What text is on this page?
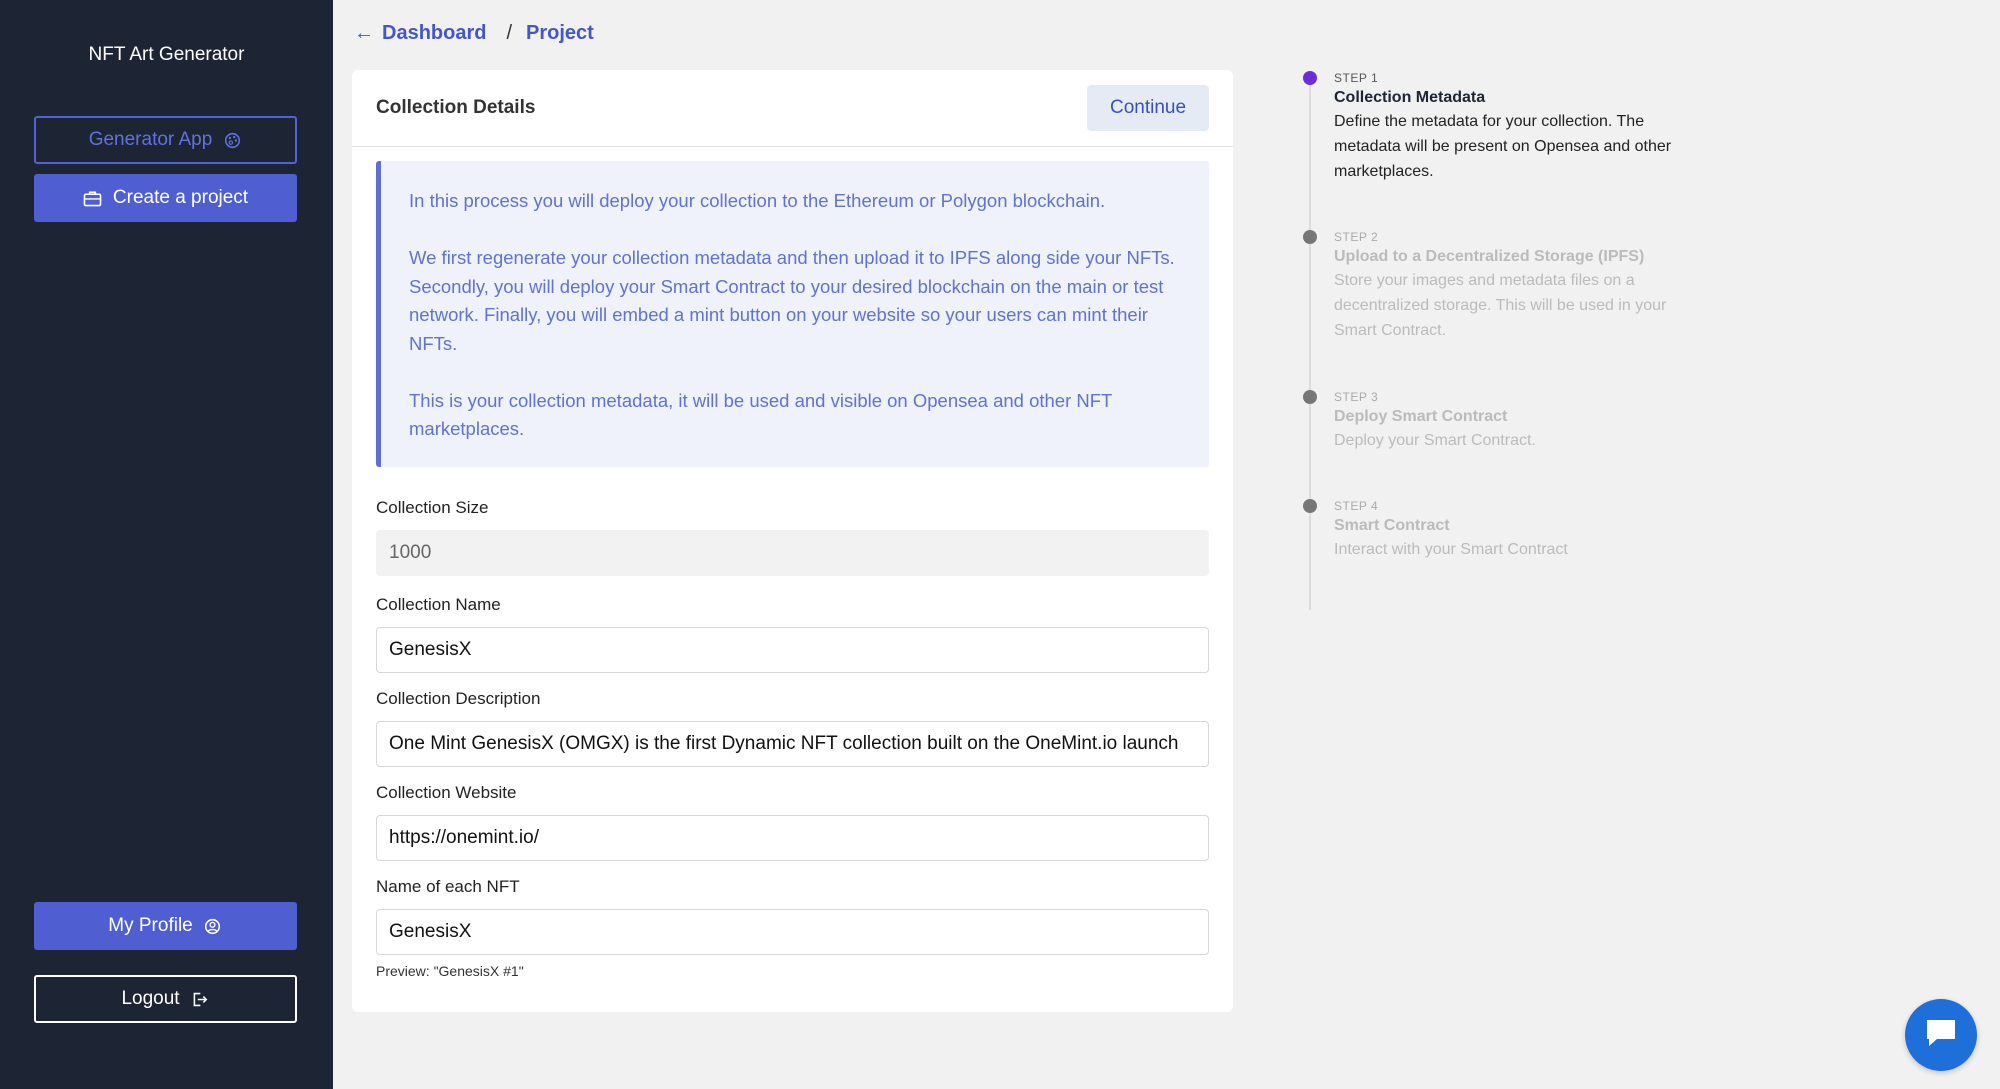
NFT Art Generator
Generator App
Create a project
My Profile
Logout
← Dashboard / Project
Collection Details	Continue

In this process you will deploy your collection to the Ethereum or Polygon blockchain.

We first regenerate your collection metadata and then upload it to IPFS along side your NFTs. Secondly, you will deploy your Smart Contract to your desired blockchain on the main or test network. Finally, you will embed a mint button on your website so your users can mint their NFTs.

This is your collection metadata, it will be used and visible on Opensea and other NFT marketplaces.

Collection Size
1000
Collection Name
GenesisX
Collection Description
One Mint GenesisX (OMGX) is the first Dynamic NFT collection built on the OneMint.io launch
Collection Website
https://onemint.io/
Name of each NFT
GenesisX
Preview: "GenesisX #1"
STEP 1
Collection Metadata
Define the metadata for your collection. The metadata will be present on Opensea and other marketplaces.
STEP 2
Upload to a Decentralized Storage (IPFS)
Store your images and metadata files on a decentralized storage. This will be used in your Smart Contract.
STEP 3
Deploy Smart Contract
Deploy your Smart Contract.
STEP 4
Smart Contract
Interact with your Smart Contract
